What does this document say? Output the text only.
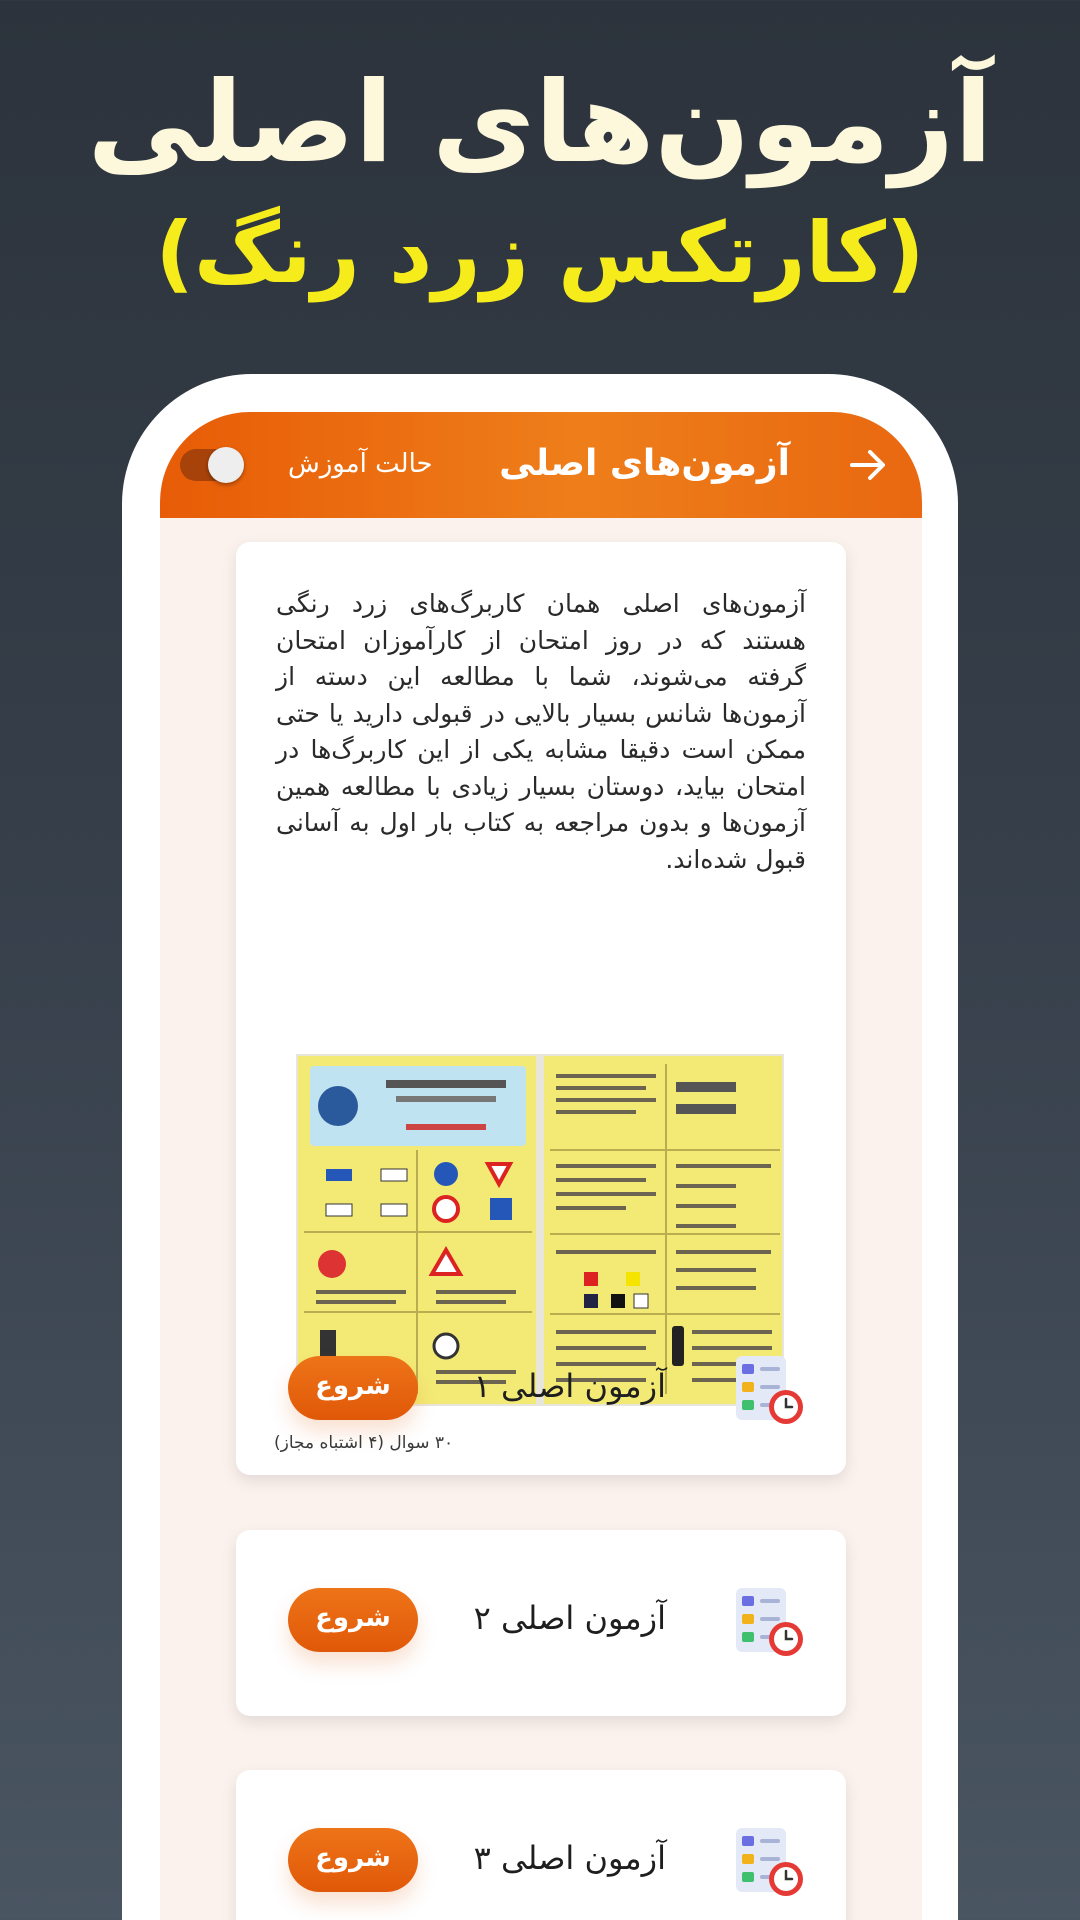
آزمون‌های اصلی
(کارتکس زرد رنگ)
آزمون‌های اصلی
حالت آموزش
آزمون‌های اصلی همان کاربرگ‌های زرد رنگی هستند که در روز امتحان از کارآموزان امتحان گرفته می‌شوند، شما با مطالعه این دسته از آزمون‌ها شانس بسیار بالایی در قبولی دارید یا حتی ممکن است دقیقا مشابه یکی از این کاربرگ‌ها در امتحان بیاید، دوستان بسیار زیادی با مطالعه همین آزمون‌ها و بدون مراجعه به کتاب بار اول به آسانی قبول شده‌اند.
آزمون اصلی ۱
شروع
۳۰ سوال (۴ اشتباه مجاز)
آزمون اصلی ۲
شروع
آزمون اصلی ۳
شروع
